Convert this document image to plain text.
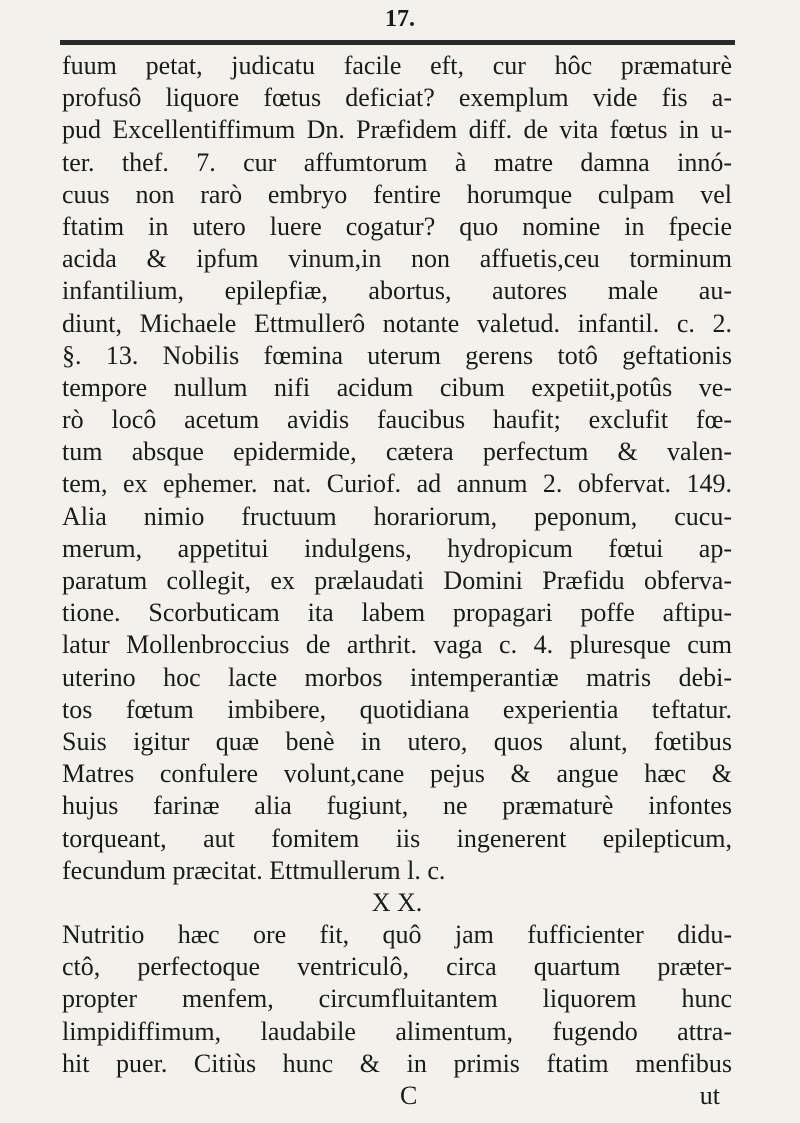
17.
fuum petat, judicatu facile eft, cur hôc præmaturè
profusô liquore fœtus deficiat? exemplum vide fis a-
pud Excellentiffimum Dn. Præfidem diff. de vita fœtus in u-
ter. thef. 7. cur affumtorum à matre damna innó-
cuus non rarò embryo fentire horumque culpam vel
ftatim in utero luere cogatur? quo nomine in fpecie
acida & ipfum vinum,in non affuetis,ceu torminum
infantilium, epilepfiæ, abortus, autores male au-
diunt, Michaele Ettmullerô notante valetud. infantil. c. 2.
§. 13. Nobilis fœmina uterum gerens totô geftationis
tempore nullum nifi acidum cibum expetiit,potûs ve-
rò locô acetum avidis faucibus haufit; exclufit fœ-
tum absque epidermide, cætera perfectum & valen-
tem, ex ephemer. nat. Curiof. ad annum 2. obfervat. 149.
Alia nimio fructuum horariorum, peponum, cucu-
merum, appetitui indulgens, hydropicum fœtui ap-
paratum collegit, ex prælaudati Domini Præfidu obferva-
tione. Scorbuticam ita labem propagari poffe aftipu-
latur Mollenbroccius de arthrit. vaga c. 4. pluresque cum
uterino hoc lacte morbos intemperantiæ matris debi-
tos fœtum imbibere, quotidiana experientia teftatur.
Suis igitur quæ benè in utero, quos alunt, fœtibus
Matres confulere volunt,cane pejus & angue hæc &
hujus farinæ alia fugiunt, ne præmaturè infontes
torqueant, aut fomitem iis ingenerent epilepticum,
fecundum præcitat. Ettmullerum l. c.
X X.
Nutritio hæc ore fit, quô jam fufficienter didu-
ctô, perfectoque ventriculô, circa quartum præter-
propter menfem, circumfluitantem liquorem hunc
limpidiffimum, laudabile alimentum, fugendo attra-
hit puer. Citiùs hunc & in primis ftatim menfibus
C	ut
